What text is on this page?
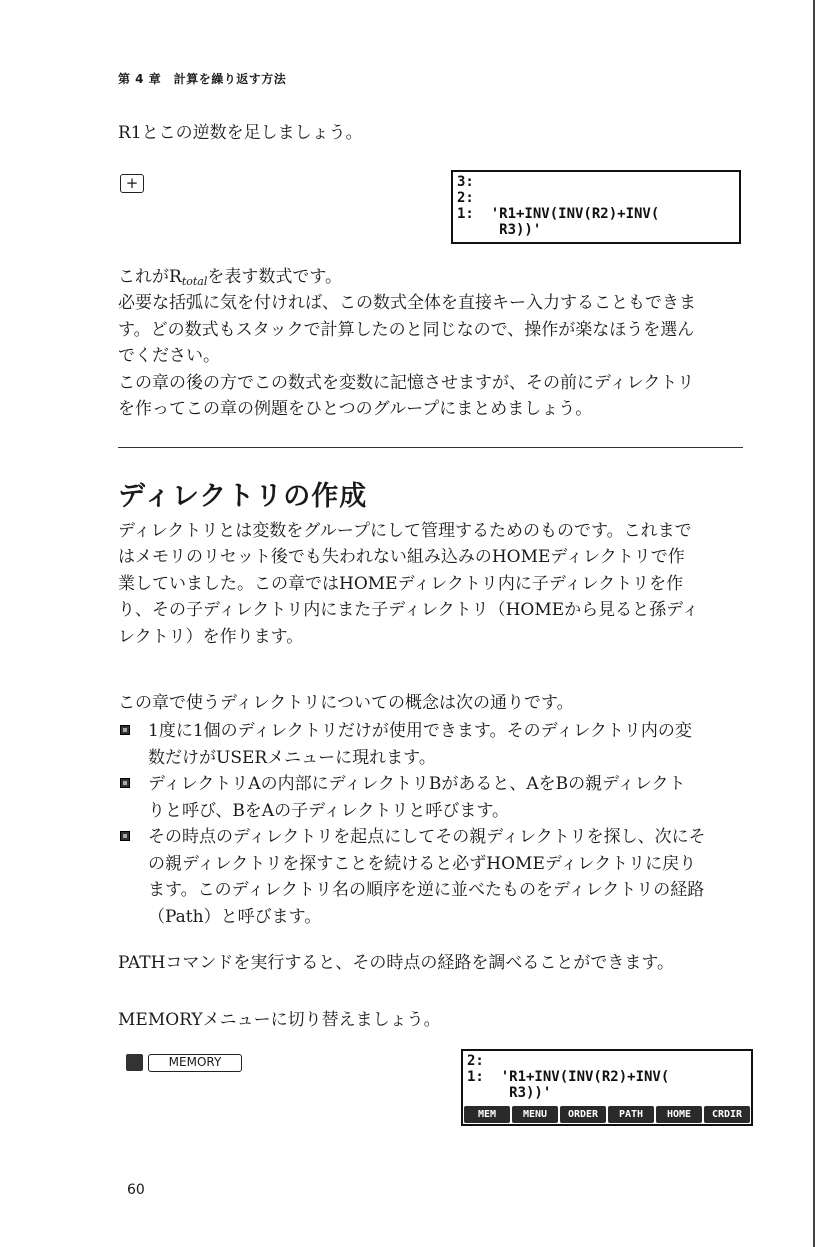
第 4 章　計算を繰り返す方法

R1とこの逆数を足しましょう。

+	3:
2:
1:  'R1+INV(INV(R2)+INV(
R3))'

これが$R_{total}$を表す数式です。

必要な括弧に気を付ければ、この数式全体を直接キー入力することもできま

す。どの数式もスタックで計算したのと同じなので、操作が楽なほうを選ん

でください。

この章の後の方でこの数式を変数に記憶させますが、その前にディレクトリ

を作ってこの章の例題をひとつのグループにまとめましょう。

ディレクトリの作成

ディレクトリとは変数をグループにして管理するためのものです。これまで

はメモリのリセット後でも失われない組み込みのHOMEディレクトリで作

業していました。この章ではHOMEディレクトリ内に子ディレクトリを作

り、その子ディレクトリ内にまた子ディレクトリ（HOMEから見ると孫ディ

レクトリ）を作ります。

この章で使うディレクトリについての概念は次の通りです。

1度に1個のディレクトリだけが使用できます。そのディレクトリ内の変
数だけがUSERメニューに現れます。
ディレクトリAの内部にディレクトリBがあると、AをBの親ディレクト
りと呼び、BをAの子ディレクトリと呼びます。
その時点のディレクトリを起点にしてその親ディレクトリを探し、次にそ
の親ディレクトリを探すことを続けると必ずHOMEディレクトリに戻り
ます。このディレクトリ名の順序を逆に並べたものをディレクトリの経路
（Path）と呼びます。

PATHコマンドを実行すると、その時点の経路を調べることができます。

MEMORYメニューに切り替えましょう。

MEMORY	2:
1:  'R1+INV(INV(R2)+INV(
R3))'
MEM	MENU	ORDER	PATH	HOME	CRDIR
60
